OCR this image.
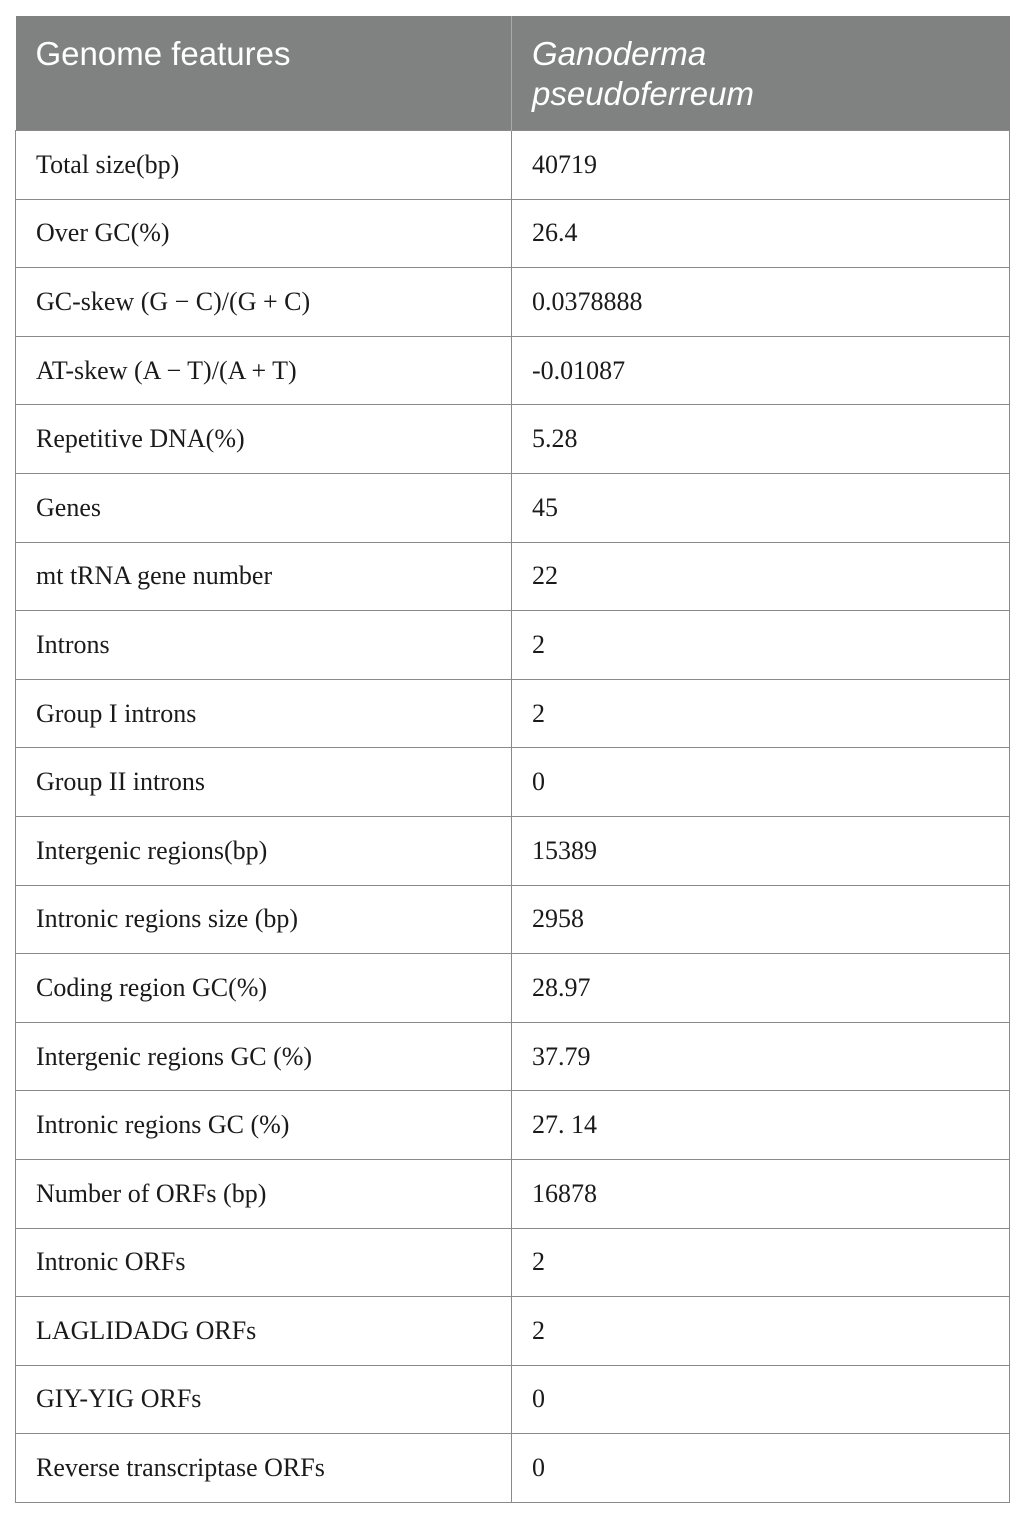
Genome features	Ganoderma
pseudoferreum
Total size(bp)	40719
Over GC(%)	26.4
GC-skew (G − C)/(G + C)	0.0378888
AT-skew (A − T)/(A + T)	-0.01087
Repetitive DNA(%)	5.28
Genes	45
mt tRNA gene number	22
Introns	2
Group I introns	2
Group II introns	0
Intergenic regions(bp)	15389
Intronic regions size (bp)	2958
Coding region GC(%)	28.97
Intergenic regions GC (%)	37.79
Intronic regions GC (%)	27. 14
Number of ORFs (bp)	16878
Intronic ORFs	2
LAGLIDADG ORFs	2
GIY-YIG ORFs	0
Reverse transcriptase ORFs	0
